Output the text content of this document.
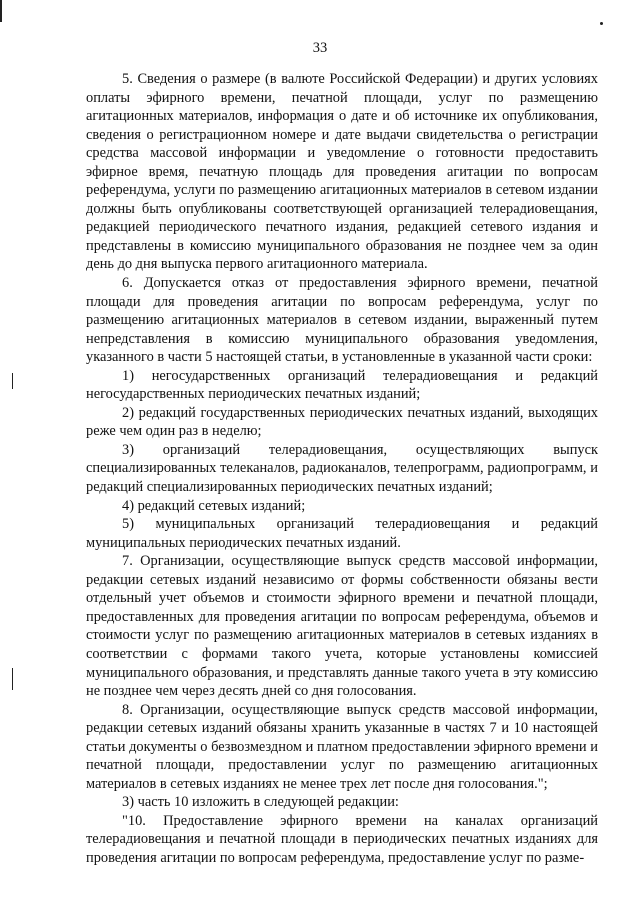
33

5. Сведения о размере (в валюте Российской Федерации) и других условиях оплаты эфирного времени, печатной площади, услуг по размещению агитационных материалов, информация о дате и об источнике их опубликования, сведения о регистрационном номере и дате выдачи свидетельства о регистрации средства массовой информации и уведомление о готовности предоставить эфирное время, печатную площадь для проведения агитации по вопросам референдума, услуги по размещению агитационных материалов в сетевом издании должны быть опубликованы соответствующей организацией телерадиовещания, редакцией периодического печатного издания, редакцией сетевого издания и представлены в комиссию муниципального образования не позднее чем за один день до дня выпуска первого агитационного материала.

6. Допускается отказ от предоставления эфирного времени, печатной площади для проведения агитации по вопросам референдума, услуг по размещению агитационных материалов в сетевом издании, выраженный путем непредставления в комиссию муниципального образования уведомления, указанного в части 5 настоящей статьи, в установленные в указанной части сроки:

1) негосударственных организаций телерадиовещания и редакций негосударственных периодических печатных изданий;

2) редакций государственных периодических печатных изданий, выходящих реже чем один раз в неделю;

3) организаций телерадиовещания, осуществляющих выпуск специализированных телеканалов, радиоканалов, телепрограмм, радиопрограмм, и редакций специализированных периодических печатных изданий;

4) редакций сетевых изданий;

5) муниципальных организаций телерадиовещания и редакций муниципальных периодических печатных изданий.

7. Организации, осуществляющие выпуск средств массовой информации, редакции сетевых изданий независимо от формы собственности обязаны вести отдельный учет объемов и стоимости эфирного времени и печатной площади, предоставленных для проведения агитации по вопросам референдума, объемов и стоимости услуг по размещению агитационных материалов в сетевых изданиях в соответствии с формами такого учета, которые установлены комиссией муниципального образования, и представлять данные такого учета в эту комиссию не позднее чем через десять дней со дня голосования.

8. Организации, осуществляющие выпуск средств массовой информации, редакции сетевых изданий обязаны хранить указанные в частях 7 и 10 настоящей статьи документы о безвозмездном и платном предоставлении эфирного времени и печатной площади, предоставлении услуг по размещению агитационных материалов в сетевых изданиях не менее трех лет после дня голосования.";

3) часть 10 изложить в следующей редакции:

"10. Предоставление эфирного времени на каналах организаций телерадиовещания и печатной площади в периодических печатных изданиях для проведения агитации по вопросам референдума, предоставление услуг по разме-
